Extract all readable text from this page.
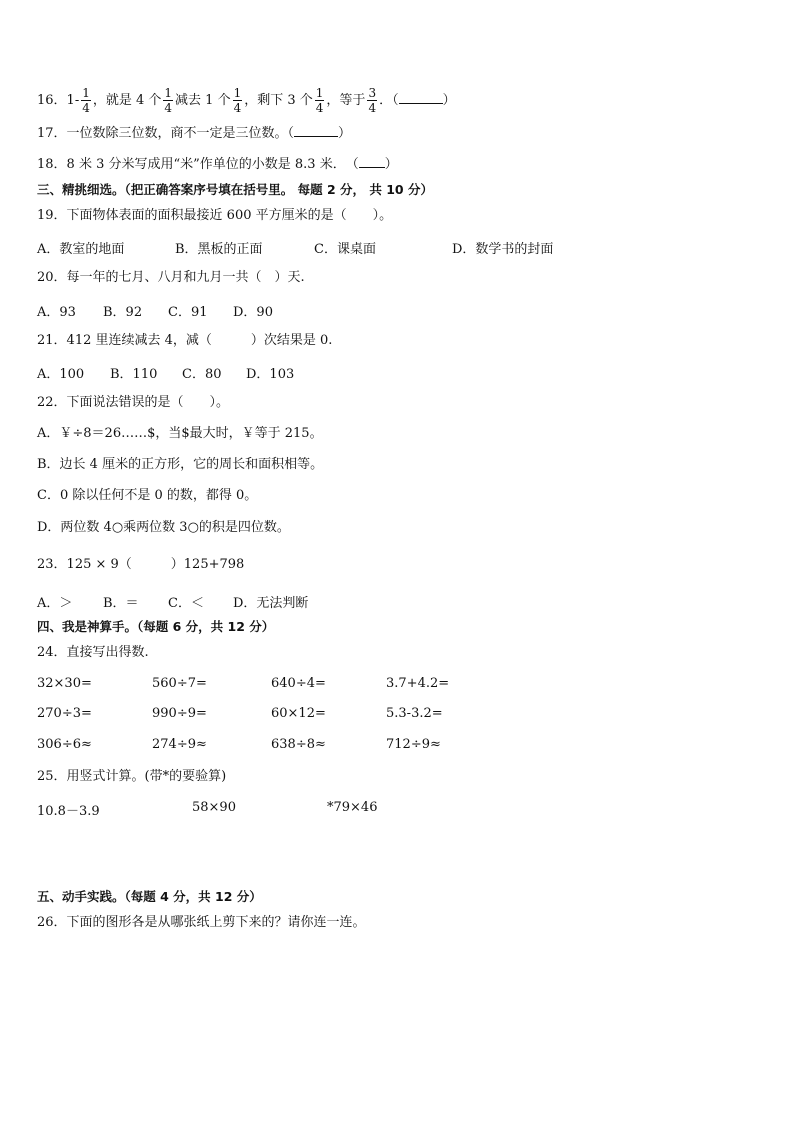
16．$1- \frac{1}{4}$ ，就是 4 个 $\frac{1}{4}$ 减去 1 个 $\frac{1}{4}$ ，剩下 3 个 $\frac{1}{4}$ ，等于 $\frac{3}{4}$ ．（	）
17．一位数除三位数，商不一定是三位数。（	）
18．8 米 3 分米写成用“米”作单位的小数是 8.3 米．　（ ）
三、精挑细选。（把正确答案序号填在括号里。 每题 2 分， 共 10 分）
19．下面物体表面的面积最接近 600 平方厘米的是（　　）。
A．教室的地面	B．黑板的正面	C．课桌面	D．数学书的封面
20．每一年的七月、八月和九月一共（　）天.
A．93 B．92 C．91 D．90
21．412 里连续减去 4，减（　　　）次结果是 0.
A．100 B．110 C．80 D．103
22．下面说法错误的是（　　）。
A．￥÷8＝26……$，当$最大时，￥等于 215。
B．边长 4 厘米的正方形，它的周长和面积相等。
C．0 除以任何不是 0 的数，都得 0。
D．两位数 4○乘两位数 3○的积是四位数。
23．125 × 9（　　　）125+798
A．＞ B．＝ C．＜ D．无法判断
四、我是神算手。（每题 6 分，共 12 分）
24．直接写出得数.
32×30=	560÷7=	640÷4=	3.7+4.2=
270÷3=	990÷9=	60×12=	5.3-3.2=
306÷6≈	274÷9≈	638÷8≈	712÷9≈
25．用竖式计算。(带*的要验算)
10.8－3.9	58×90	*79×46
五、动手实践。（每题 4 分，共 12 分）
26．下面的图形各是从哪张纸上剪下来的？请你连一连。
